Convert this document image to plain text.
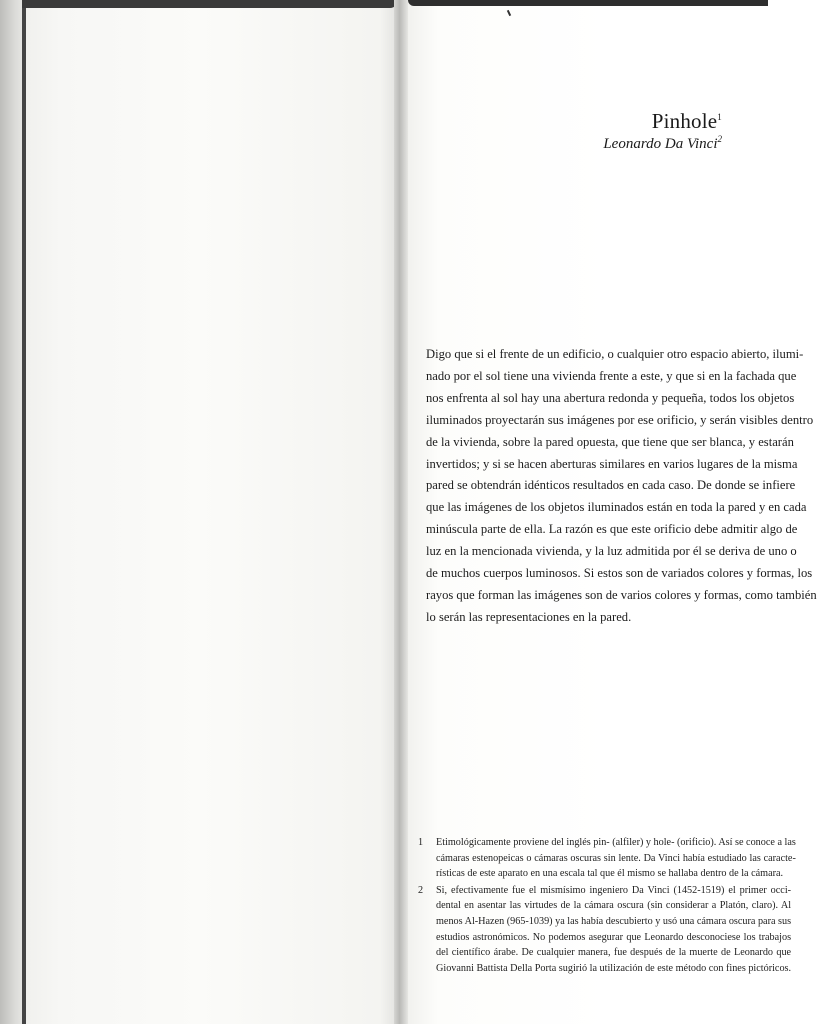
Pinhole$^1$
Leonardo Da Vinci$^2$
Digo que si el frente de un edificio, o cualquier otro espacio abierto, ilumi-
nado por el sol tiene una vivienda frente a este, y que si en la fachada que
nos enfrenta al sol hay una abertura redonda y pequeña, todos los objetos
iluminados proyectarán sus imágenes por ese orificio, y serán visibles dentro
de la vivienda, sobre la pared opuesta, que tiene que ser blanca, y estarán
invertidos; y si se hacen aberturas similares en varios lugares de la misma
pared se obtendrán idénticos resultados en cada caso. De donde se infiere
que las imágenes de los objetos iluminados están en toda la pared y en cada
minúscula parte de ella. La razón es que este orificio debe admitir algo de
luz en la mencionada vivienda, y la luz admitida por él se deriva de uno o
de muchos cuerpos luminosos. Si estos son de variados colores y formas, los
rayos que forman las imágenes son de varios colores y formas, como también
lo serán las representaciones en la pared.
1	Etimológicamente proviene del inglés pin- (alfiler) y hole- (orificio). Así se conoce a las
cámaras estenopeicas o cámaras oscuras sin lente. Da Vinci había estudiado las caracte-
rísticas de este aparato en una escala tal que él mismo se hallaba dentro de la cámara.
2	Si, efectivamente fue el mismísimo ingeniero Da Vinci (1452-1519) el primer occi-
dental en asentar las virtudes de la cámara oscura (sin considerar a Platón, claro). Al
menos Al-Hazen (965-1039) ya las había descubierto y usó una cámara oscura para sus
estudios astronómicos. No podemos asegurar que Leonardo desconociese los trabajos
del científico árabe. De cualquier manera, fue después de la muerte de Leonardo que
Giovanni Battista Della Porta sugirió la utilización de este método con fines pictóricos.
